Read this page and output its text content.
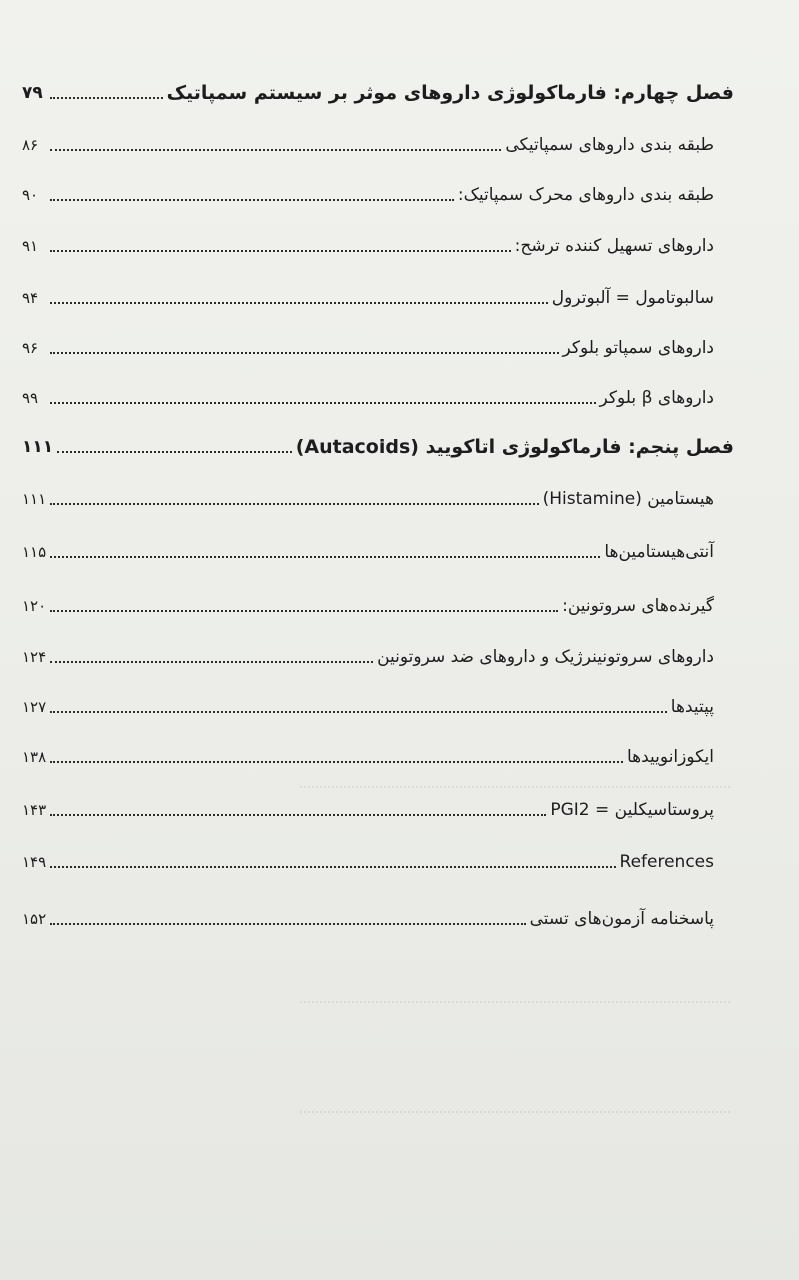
فصل چهارم: فارماکولوژی داروهای موثر بر سیستم سمپاتیک
۷۹
طبقه بندی داروهای سمپاتیکی
۸۶
طبقه بندی داروهای محرک سمپاتیک:
۹۰
داروهای تسهیل کننده ترشح:
۹۱
سالبوتامول = آلبوترول
۹۴
داروهای سمپاتو بلوکر
۹۶
داروهای β بلوکر
۹۹
فصل پنجم: فارماکولوژی اتاکویید (Autacoids)
۱۱۱
هیستامین (Histamine)
۱۱۱
آنتی‌هیستامین‌ها
۱۱۵
گیرنده‌های سروتونین:
۱۲۰
داروهای سروتونینرژیک و داروهای ضد سروتونین
۱۲۴
پپتیدها
۱۲۷
ایکوزانوییدها
۱۳۸
پروستاسیکلین = PGI2
۱۴۳
References
۱۴۹
پاسخنامه آزمون‌های تستی
۱۵۲
